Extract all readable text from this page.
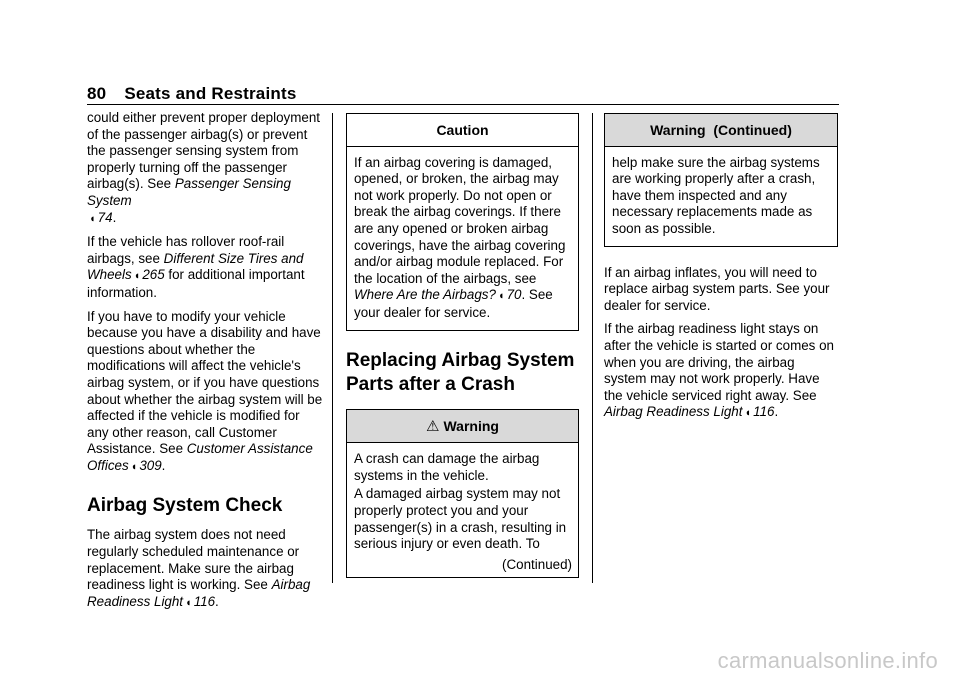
80 Seats and Restraints

could either prevent proper deployment of the passenger airbag(s) or prevent the passenger sensing system from properly turning off the passenger airbag(s). See Passenger Sensing System
◖ 74.

If the vehicle has rollover roof-rail airbags, see Different Size Tires and Wheels ◖ 265 for additional important information.

If you have to modify your vehicle because you have a disability and have questions about whether the modifications will affect the vehicle's airbag system, or if you have questions about whether the airbag system will be affected if the vehicle is modified for any other reason, call Customer Assistance. See Customer Assistance Offices ◖ 309.

Airbag System Check

The airbag system does not need regularly scheduled maintenance or replacement. Make sure the airbag readiness light is working. See Airbag Readiness Light ◖ 116.

Caution

If an airbag covering is damaged, opened, or broken, the airbag may not work properly. Do not open or break the airbag coverings. If there are any opened or broken airbag coverings, have the airbag covering and/or airbag module replaced. For the location of the airbags, see Where Are the Airbags? ◖ 70. See your dealer for service.

Replacing Airbag System Parts after a Crash
⚠ Warning

A crash can damage the airbag systems in the vehicle.

A damaged airbag system may not properly protect you and your passenger(s) in a crash, resulting in serious injury or even death. To

(Continued)
Warning  (Continued)

help make sure the airbag systems are working properly after a crash, have them inspected and any necessary replacements made as soon as possible.

If an airbag inflates, you will need to replace airbag system parts. See your dealer for service.

If the airbag readiness light stays on after the vehicle is started or comes on when you are driving, the airbag system may not work properly. Have the vehicle serviced right away. See Airbag Readiness Light ◖ 116.

carmanualsonline.info
